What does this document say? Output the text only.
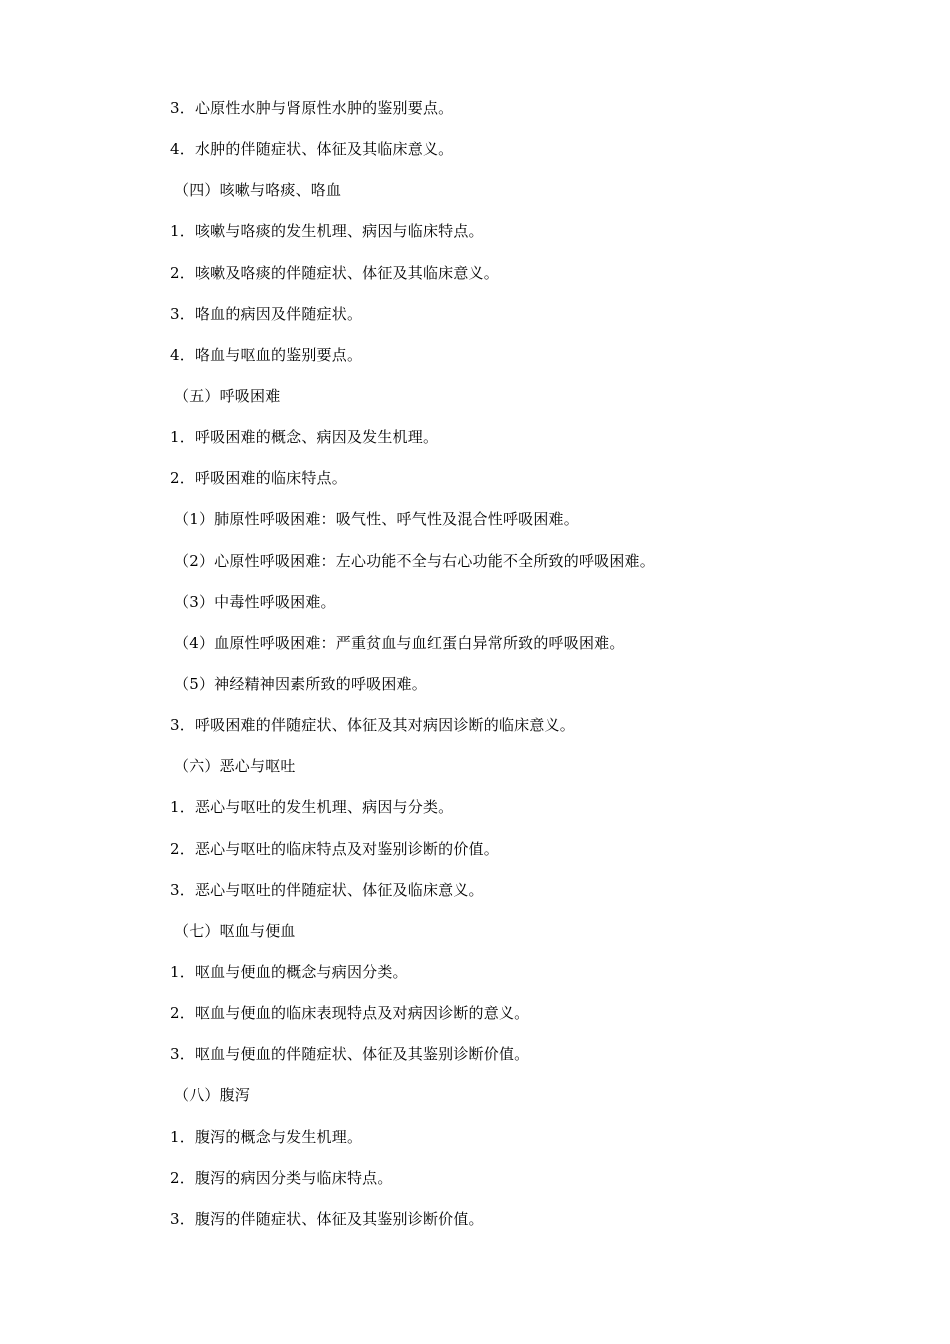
3．心原性水肿与肾原性水肿的鉴别要点。
4．水肿的伴随症状、体征及其临床意义。
（四）咳嗽与咯痰、咯血
1．咳嗽与咯痰的发生机理、病因与临床特点。
2．咳嗽及咯痰的伴随症状、体征及其临床意义。
3．咯血的病因及伴随症状。
4．咯血与呕血的鉴别要点。
（五）呼吸困难
1．呼吸困难的概念、病因及发生机理。
2．呼吸困难的临床特点。
（1）肺原性呼吸困难：吸气性、呼气性及混合性呼吸困难。
（2）心原性呼吸困难：左心功能不全与右心功能不全所致的呼吸困难。
（3）中毒性呼吸困难。
（4）血原性呼吸困难：严重贫血与血红蛋白异常所致的呼吸困难。
（5）神经精神因素所致的呼吸困难。
3．呼吸困难的伴随症状、体征及其对病因诊断的临床意义。
（六）恶心与呕吐
1．恶心与呕吐的发生机理、病因与分类。
2．恶心与呕吐的临床特点及对鉴别诊断的价值。
3．恶心与呕吐的伴随症状、体征及临床意义。
（七）呕血与便血
1．呕血与便血的概念与病因分类。
2．呕血与便血的临床表现特点及对病因诊断的意义。
3．呕血与便血的伴随症状、体征及其鉴别诊断价值。
（八）腹泻
1．腹泻的概念与发生机理。
2．腹泻的病因分类与临床特点。
3．腹泻的伴随症状、体征及其鉴别诊断价值。
